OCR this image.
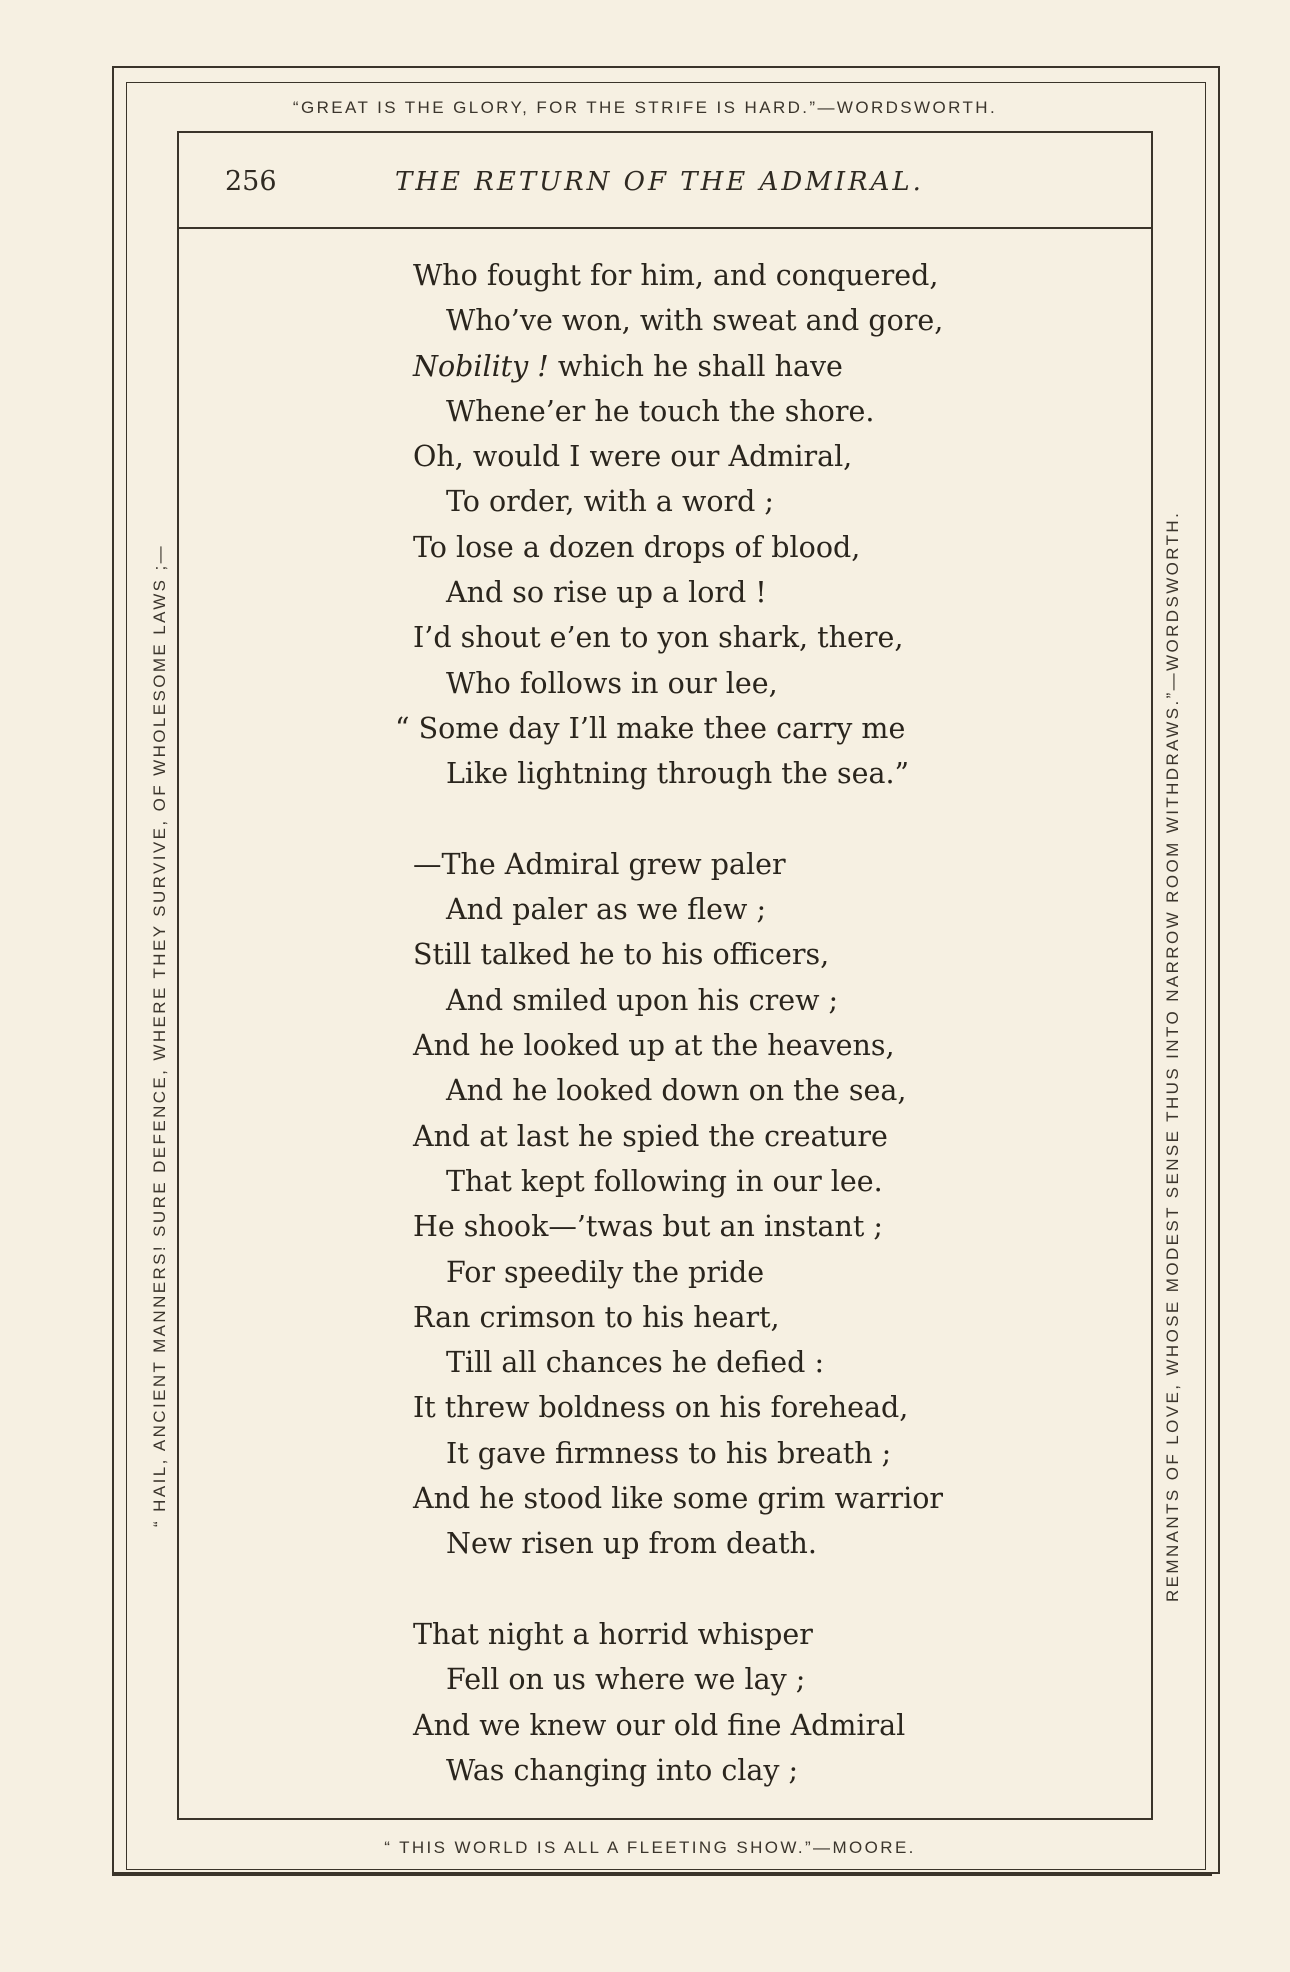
“GREAT IS THE GLORY, FOR THE STRIFE IS HARD.”—WORDSWORTH.
“ THIS WORLD IS ALL A FLEETING SHOW.”—MOORE.
“ HAIL, ANCIENT MANNERS! SURE DEFENCE, WHERE THEY SURVIVE, OF WHOLESOME LAWS ;—	REMNANTS OF LOVE, WHOSE MODEST SENSE THUS INTO NARROW ROOM WITHDRAWS.”—WORDSWORTH.
256	THE RETURN OF THE ADMIRAL.
Who fought for him, and conquered,
Who’ve won, with sweat and gore,
Nobility ! which he shall have
Whene’er he touch the shore.
Oh, would I were our Admiral,
To order, with a word ;
To lose a dozen drops of blood,
And so rise up a lord !
I’d shout e’en to yon shark, there,
Who follows in our lee,
“ Some day I’ll make thee carry me
Like lightning through the sea.”
—The Admiral grew paler
And paler as we flew ;
Still talked he to his officers,
And smiled upon his crew ;
And he looked up at the heavens,
And he looked down on the sea,
And at last he spied the creature
That kept following in our lee.
He shook—’twas but an instant ;
For speedily the pride
Ran crimson to his heart,
Till all chances he defied :
It threw boldness on his forehead,
It gave firmness to his breath ;
And he stood like some grim warrior
New risen up from death.
That night a horrid whisper
Fell on us where we lay ;
And we knew our old fine Admiral
Was changing into clay ;
